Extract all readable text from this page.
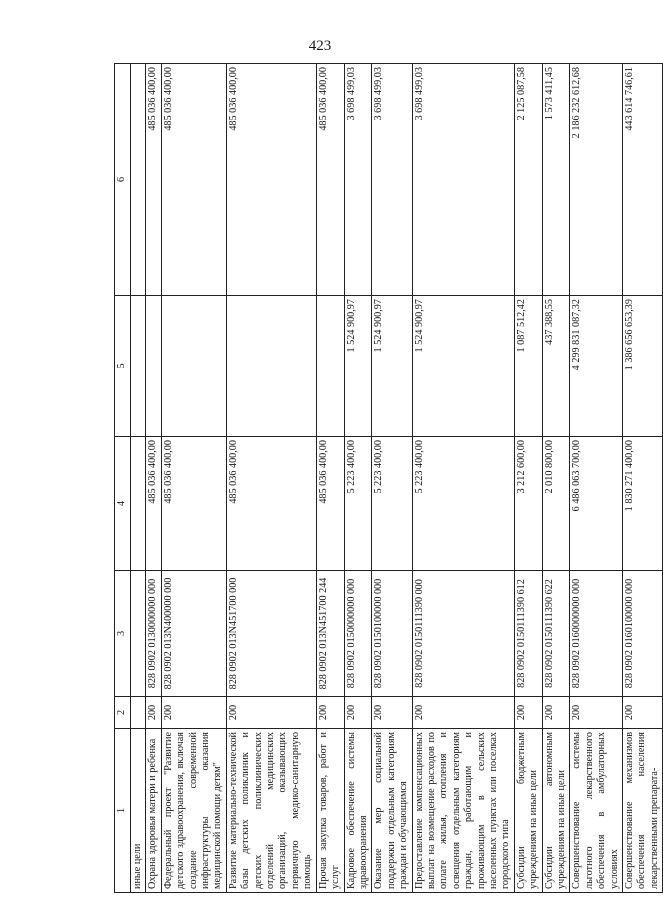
423
1	2	3	4	5	6
иные цели					
Охрана здоровья матери и ребенка	200	828 0902 0130000000 000	485 036 400,00		485 036 400,00
Федеральный проект "Развитие детского здравоохранения, включая создание современной инфраструктуры оказания медицинской помощи детям"	200	828 0902 013N400000 000	485 036 400,00		485 036 400,00
Развитие материально-технической базы детских поликлиник и детских поликлинических отделений медицинских организаций, оказывающих первичную медико-санитарную помощь	200	828 0902 013N451700 000	485 036 400,00		485 036 400,00
Прочая закупка товаров, работ и услуг	200	828 0902 013N451700 244	485 036 400,00		485 036 400,00
Кадровое обеспечение системы здравоохранения	200	828 0902 0150000000 000	5 223 400,00	1 524 900,97	3 698 499,03
Оказание мер социальной поддержки отдельным категориям граждан и обучающимся	200	828 0902 0150100000 000	5 223 400,00	1 524 900,97	3 698 499,03
Предоставление компенсационных выплат на возмещение расходов по оплате жилья, отопления и освещения отдельным категориям граждан, работающим и проживающим в сельских населенных пунктах или поселках городского типа	200	828 0902 0150111390 000	5 223 400,00	1 524 900,97	3 698 499,03
Субсидии бюджетным учреждениям на иные цели	200	828 0902 0150111390 612	3 212 600,00	1 087 512,42	2 125 087,58
Субсидии автономным учреждениям на иные цели	200	828 0902 0150111390 622	2 010 800,00	437 388,55	1 573 411,45
Совершенствование системы льготного лекарственного обеспечения в амбулаторных условиях	200	828 0902 0160000000 000	6 486 063 700,00	4 299 831 087,32	2 186 232 612,68
Совершенствование механизмов обеспечения населения лекарственными препарата-	200	828 0902 0160100000 000	1 830 271 400,00	1 386 656 653,39	443 614 746,61
